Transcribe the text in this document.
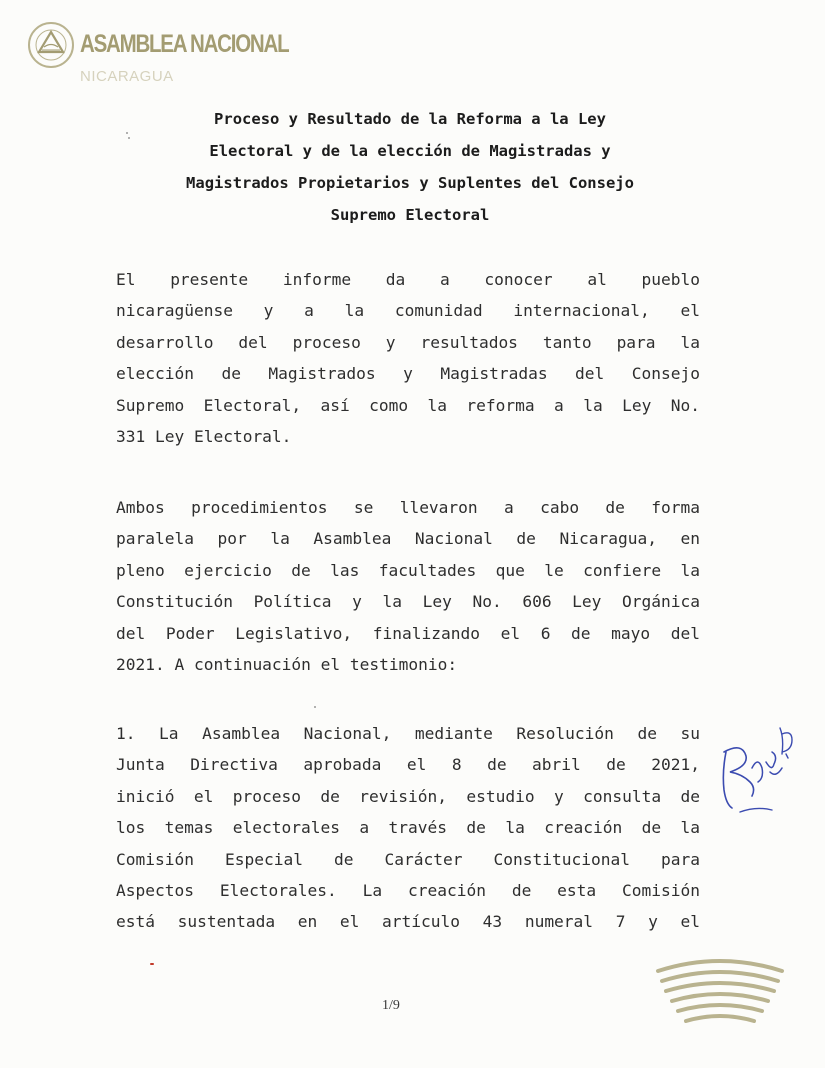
ASAMBLEA NACIONAL
NICARAGUA
Proceso y Resultado de la Reforma a la Ley
Electoral y de la elección de Magistradas y
Magistrados Propietarios y Suplentes del Consejo
Supremo Electoral
El presente informe da a conocer al pueblo
nicaragüense y a la comunidad internacional, el
desarrollo del proceso y resultados tanto para la
elección de Magistrados y Magistradas del Consejo
Supremo Electoral, así como la reforma a la Ley No.
331 Ley Electoral.
Ambos procedimientos se llevaron a cabo de forma
paralela por la Asamblea Nacional de Nicaragua, en
pleno ejercicio de las facultades que le confiere la
Constitución Política y la Ley No. 606 Ley Orgánica
del Poder Legislativo, finalizando el 6 de mayo del
2021. A continuación el testimonio:
1. La Asamblea Nacional, mediante Resolución de su
Junta Directiva aprobada el 8 de abril de 2021,
inició el proceso de revisión, estudio y consulta de
los temas electorales a través de la creación de la
Comisión Especial de Carácter Constitucional para
Aspectos Electorales. La creación de esta Comisión
está sustentada en el artículo 43 numeral 7 y el
1/9
